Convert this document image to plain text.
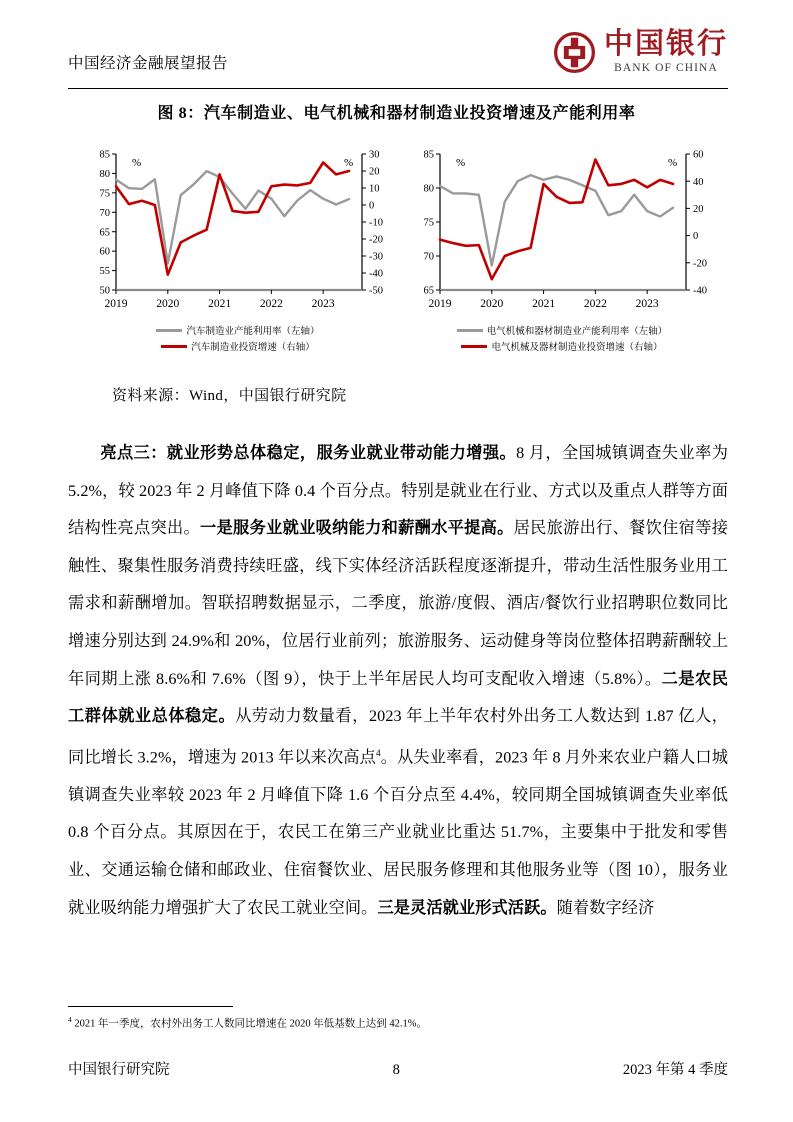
中国经济金融展望报告
中国银行
BANK OF CHINA
图 8：汽车制造业、电气机械和器材制造业投资增速及产能利用率
50
55
60
65
70
75
80
85
-50
-40
-30
-20
-10
0
10
20
30
2019	2020	2021	2022	2023
%	%
汽车制造业产能利用率（左轴）
汽车制造业投资增速（右轴）
65
70
75
80
85
-40
-20
0
20
40
60
2019	2020	2021	2022	2023
%	%
电气机械和器材制造业产能利用率（左轴）
电气机械及器材制造业投资增速（右轴）
资料来源：Wind，中国银行研究院

亮点三：就业形势总体稳定，服务业就业带动能力增强。8 月，全国城镇调查失业率为 5.2%，较 2023 年 2 月峰值下降 0.4 个百分点。特别是就业在行业、方式以及重点人群等方面结构性亮点突出。一是服务业就业吸纳能力和薪酬水平提高。居民旅游出行、餐饮住宿等接触性、聚集性服务消费持续旺盛，线下实体经济活跃程度逐渐提升，带动生活性服务业用工需求和薪酬增加。智联招聘数据显示，二季度，旅游/度假、酒店/餐饮行业招聘职位数同比增速分别达到 24.9%和 20%，位居行业前列；旅游服务、运动健身等岗位整体招聘薪酬较上年同期上涨 8.6%和 7.6%（图 9），快于上半年居民人均可支配收入增速（5.8%）。二是农民工群体就业总体稳定。从劳动力数量看，2023 年上半年农村外出务工人数达到 1.87 亿人，同比增长 3.2%，增速为 2013 年以来次高点$^4$。从失业率看，2023 年 8 月外来农业户籍人口城镇调查失业率较 2023 年 2 月峰值下降 1.6 个百分点至 4.4%，较同期全国城镇调查失业率低 0.8 个百分点。其原因在于，农民工在第三产业就业比重达 51.7%，主要集中于批发和零售业、交通运输仓储和邮政业、住宿餐饮业、居民服务修理和其他服务业等（图 10），服务业就业吸纳能力增强扩大了农民工就业空间。三是灵活就业形式活跃。随着数字经济

$^4$ 2021 年一季度，农村外出务工人数同比增速在 2020 年低基数上达到 42.1%。
中国银行研究院	8	2023 年第 4 季度
